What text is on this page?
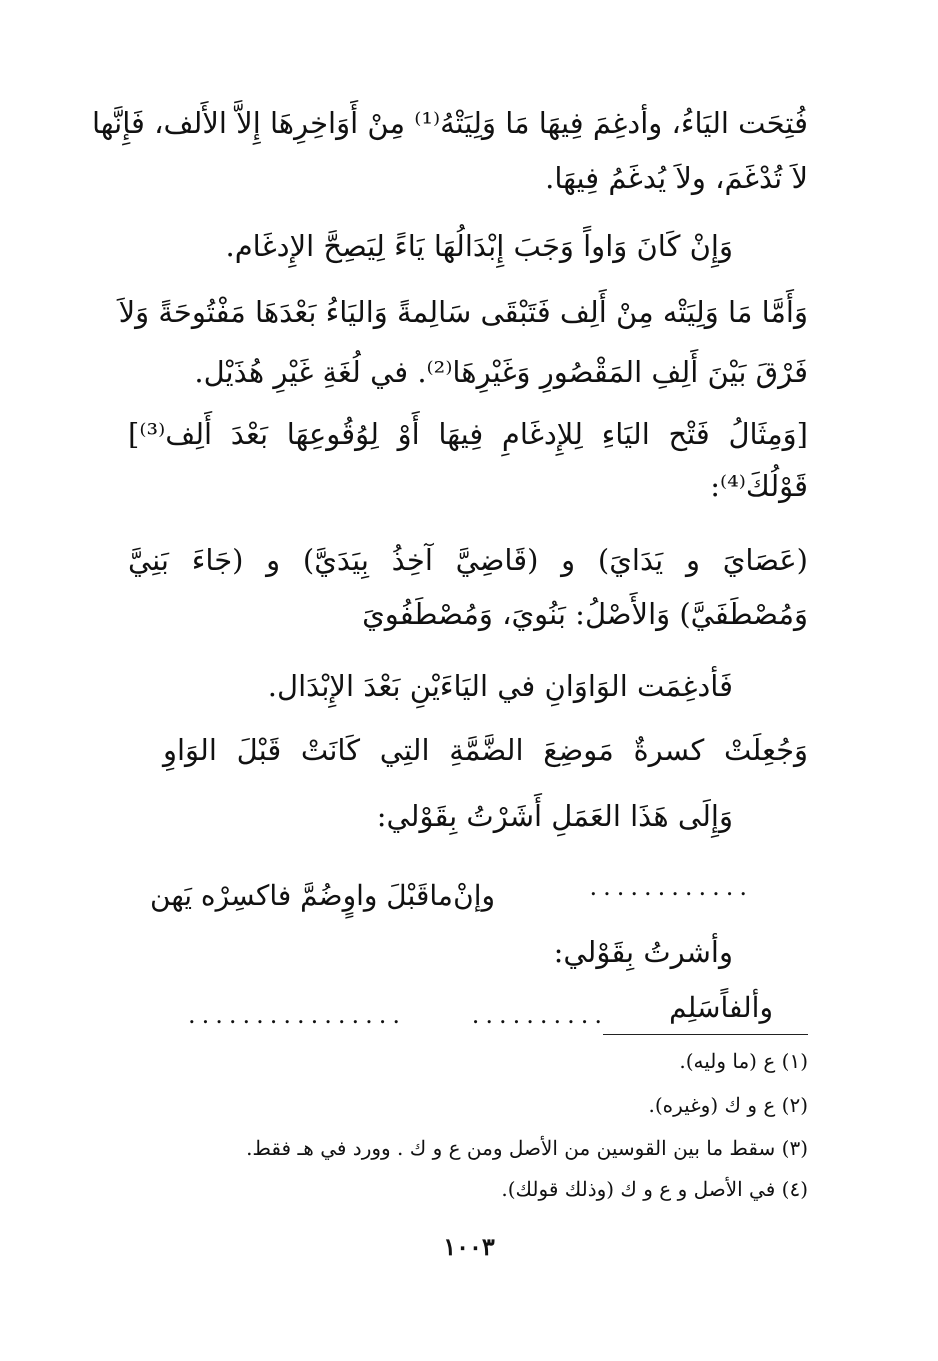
فُتِحَت اليَاءُ، وأدغِمَ فِيهَا مَا وَلِيَتْهُ⁽¹⁾ مِنْ أَوَاخِرِهَا إِلاَّ الأَلف، فَإِنَّها
لاَ تُدْغَمَ، ولاَ يُدغَمُ فِيهَا.
وَإِنْ كَانَ وَاواً وَجَبَ إِبْدَالُهَا يَاءً لِيَصِحَّ الإِدغَام.
وَأَمَّا مَا وَلِيَتْه مِنْ أَلِف فَتَبْقَى سَالِمةً وَاليَاءُ بَعْدَهَا مَفْتُوحَةً وَلاَ
فَرْقَ بَيْنَ أَلِفِ المَقْصُورِ وَغَيْرِهَا⁽²⁾. في لُغَةِ غَيْرِ هُذَيْل.
[وَمِثَالُ فَتْح اليَاءِ لِلإِدغَامِ فِيهَا أَوْ لِوُقُوعِهَا بَعْدَ أَلِف⁽³⁾]
قَوْلُكَ⁽⁴⁾:
(عَصَايَ و يَدَايَ) و (قَاضِيَّ آخِذُ بِيَدَيَّ) و (جَاءَ بَنِيَّ
وَمُصْطَفَيَّ) وَالأَصْلُ: بَنُويَ، وَمُصْطَفُويَ
فَأدغِمَت الوَاوَانِ في اليَاءَيْنِ بَعْدَ الإِبْدَال.
وَجُعِلَتْ كسرةٌ مَوضِعَ الضَّمَّةِ التِي كَانَتْ قَبْلَ الوَاوِ
وَإِلَى هَذَا العَمَلِ أَشَرْتُ بِقَوْلي:
............
وإنْ
ماقَبْلَ واوٍضُمَّ فاكسِرْه يَهن
وأشرتُ بِقَوْلي:
وألفاًسَلِم
..........
................
(١) ع (ما وليه).
(٢) ع و ك (وغيره).
(٣) سقط ما بين القوسين من الأصل ومن ع و ك . وورد في هـ فقط.
(٤) في الأصل و ع و ك (وذلك قولك).
١٠٠٣
